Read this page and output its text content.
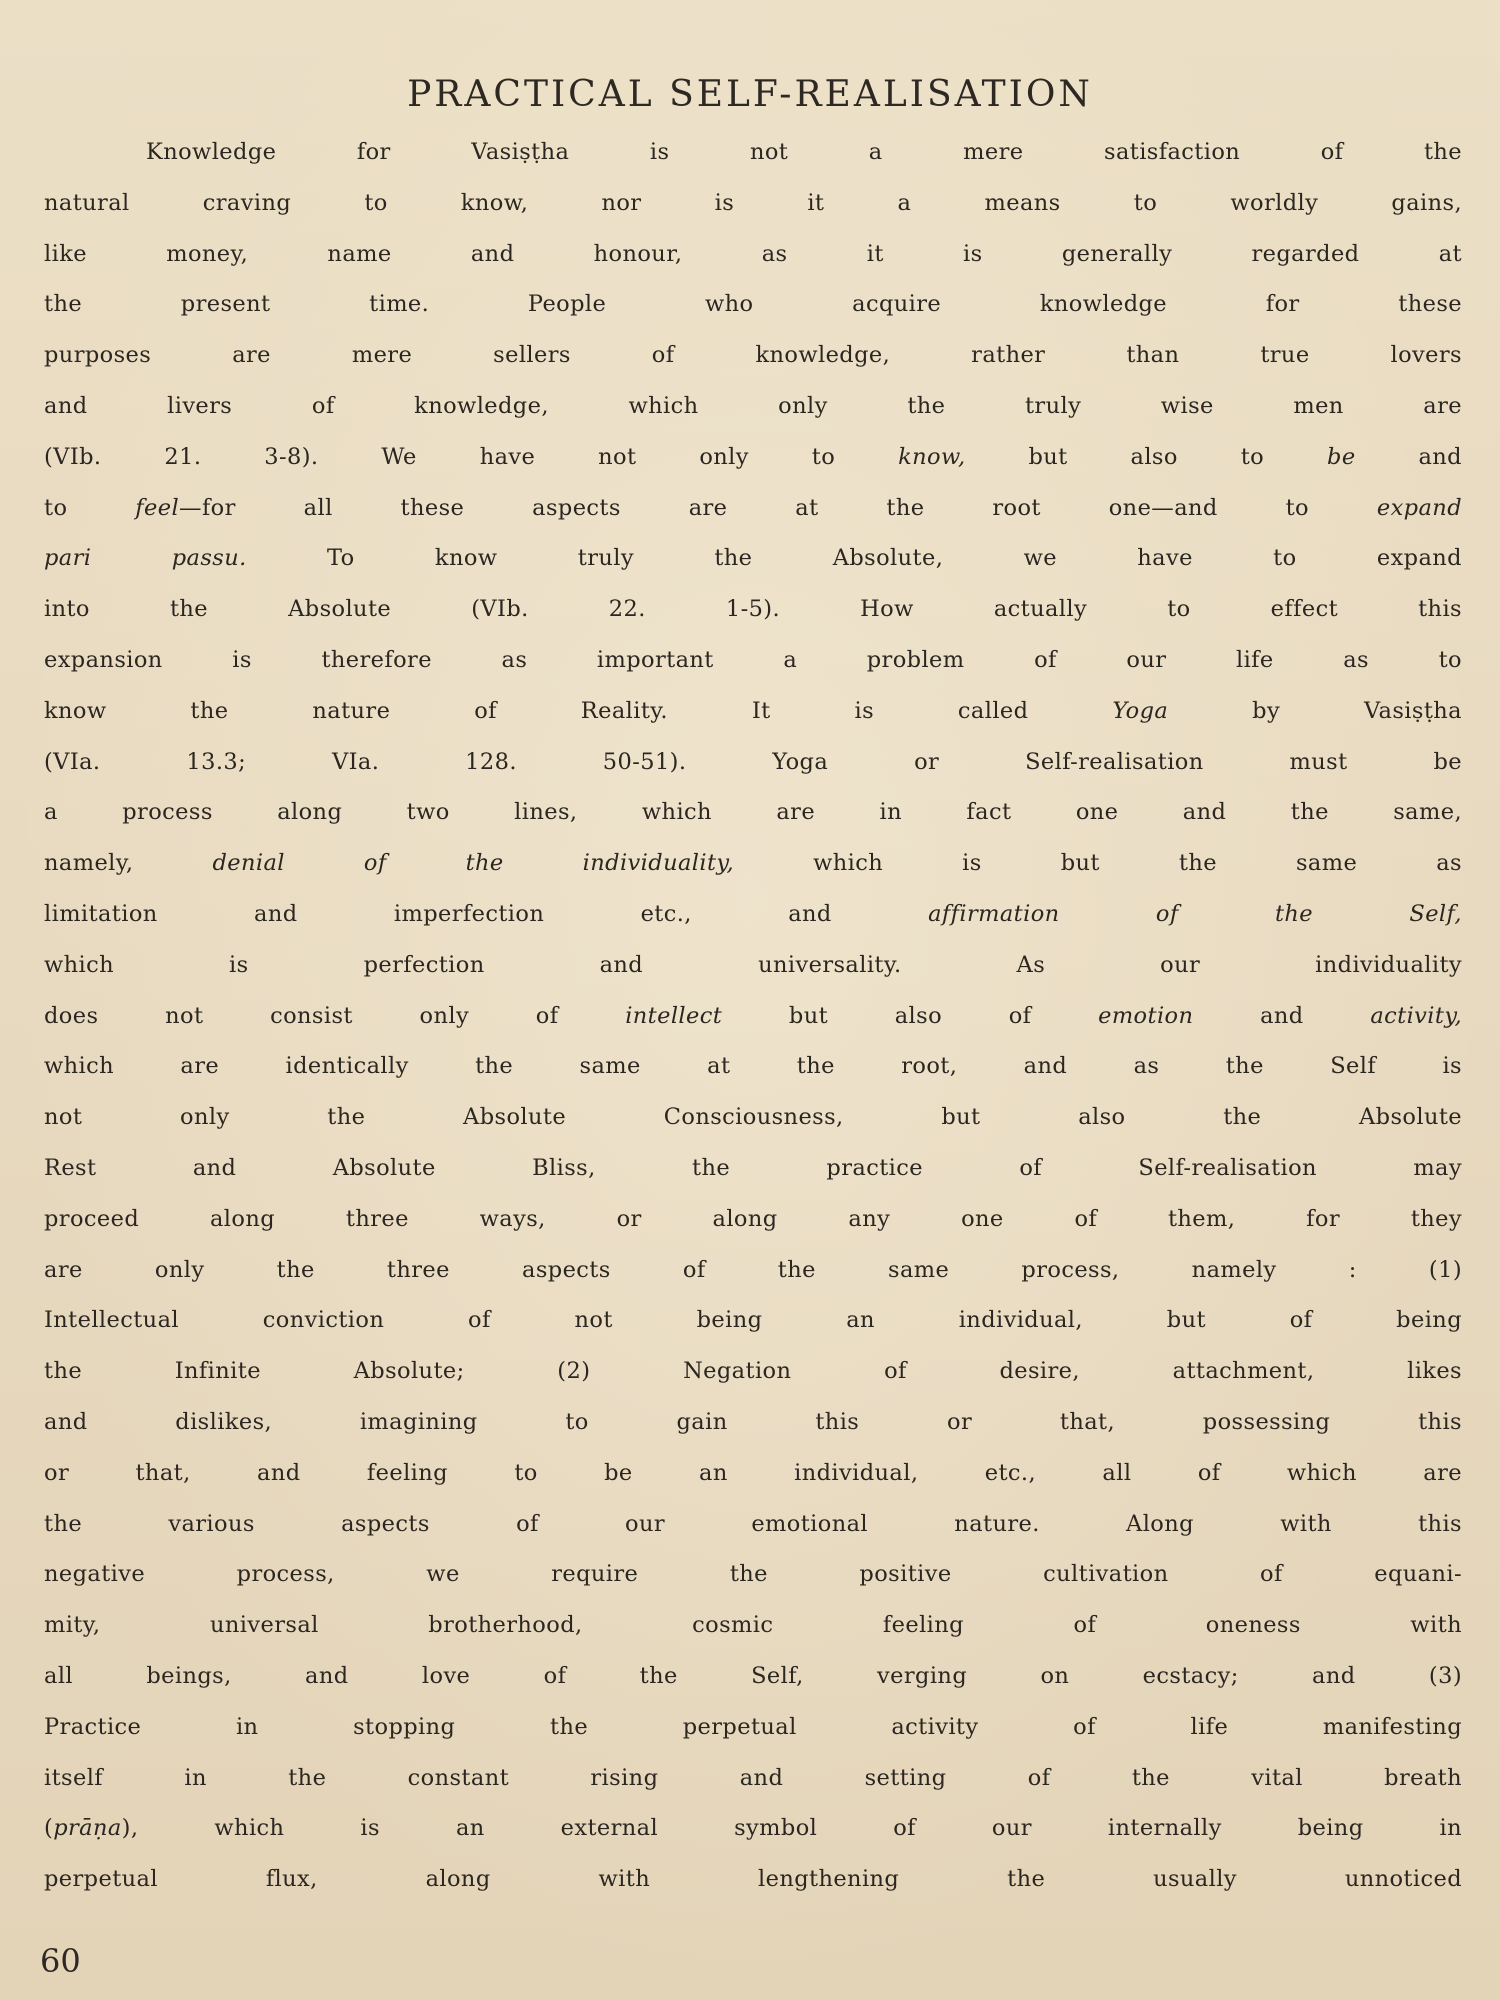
PRACTICAL SELF-REALISATION
Knowledge for Vasiṣṭha is not a mere satisfaction of the
natural craving to know, nor is it a means to worldly gains,
like money, name and honour, as it is generally regarded at
the present time. People who acquire knowledge for these
purposes are mere sellers of knowledge, rather than true lovers
and livers of knowledge, which only the truly wise men are
(VIb. 21. 3-8). We have not only to know, but also to be and
to feel—for all these aspects are at the root one—and to expand
pari passu. To know truly the Absolute, we have to expand
into the Absolute (VIb. 22. 1-5). How actually to effect this
expansion is therefore as important a problem of our life as to
know the nature of Reality. It is called Yoga by Vasiṣṭha
(VIa. 13.3; VIa. 128. 50-51). Yoga or Self-realisation must be
a process along two lines, which are in fact one and the same,
namely, denial of the individuality, which is but the same as
limitation and imperfection etc., and affirmation of the Self,
which is perfection and universality. As our individuality
does not consist only of intellect but also of emotion and activity,
which are identically the same at the root, and as the Self is
not only the Absolute Consciousness, but also the Absolute
Rest and Absolute Bliss, the practice of Self-realisation may
proceed along three ways, or along any one of them, for they
are only the three aspects of the same process, namely : (1)
Intellectual conviction of not being an individual, but of being
the Infinite Absolute; (2) Negation of desire, attachment, likes
and dislikes, imagining to gain this or that, possessing this
or that, and feeling to be an individual, etc., all of which are
the various aspects of our emotional nature. Along with this
negative process, we require the positive cultivation of equani-
mity, universal brotherhood, cosmic feeling of oneness with
all beings, and love of the Self, verging on ecstacy; and (3)
Practice in stopping the perpetual activity of life manifesting
itself in the constant rising and setting of the vital breath
(prāṇa), which is an external symbol of our internally being in
perpetual flux, along with lengthening the usually unnoticed
60
